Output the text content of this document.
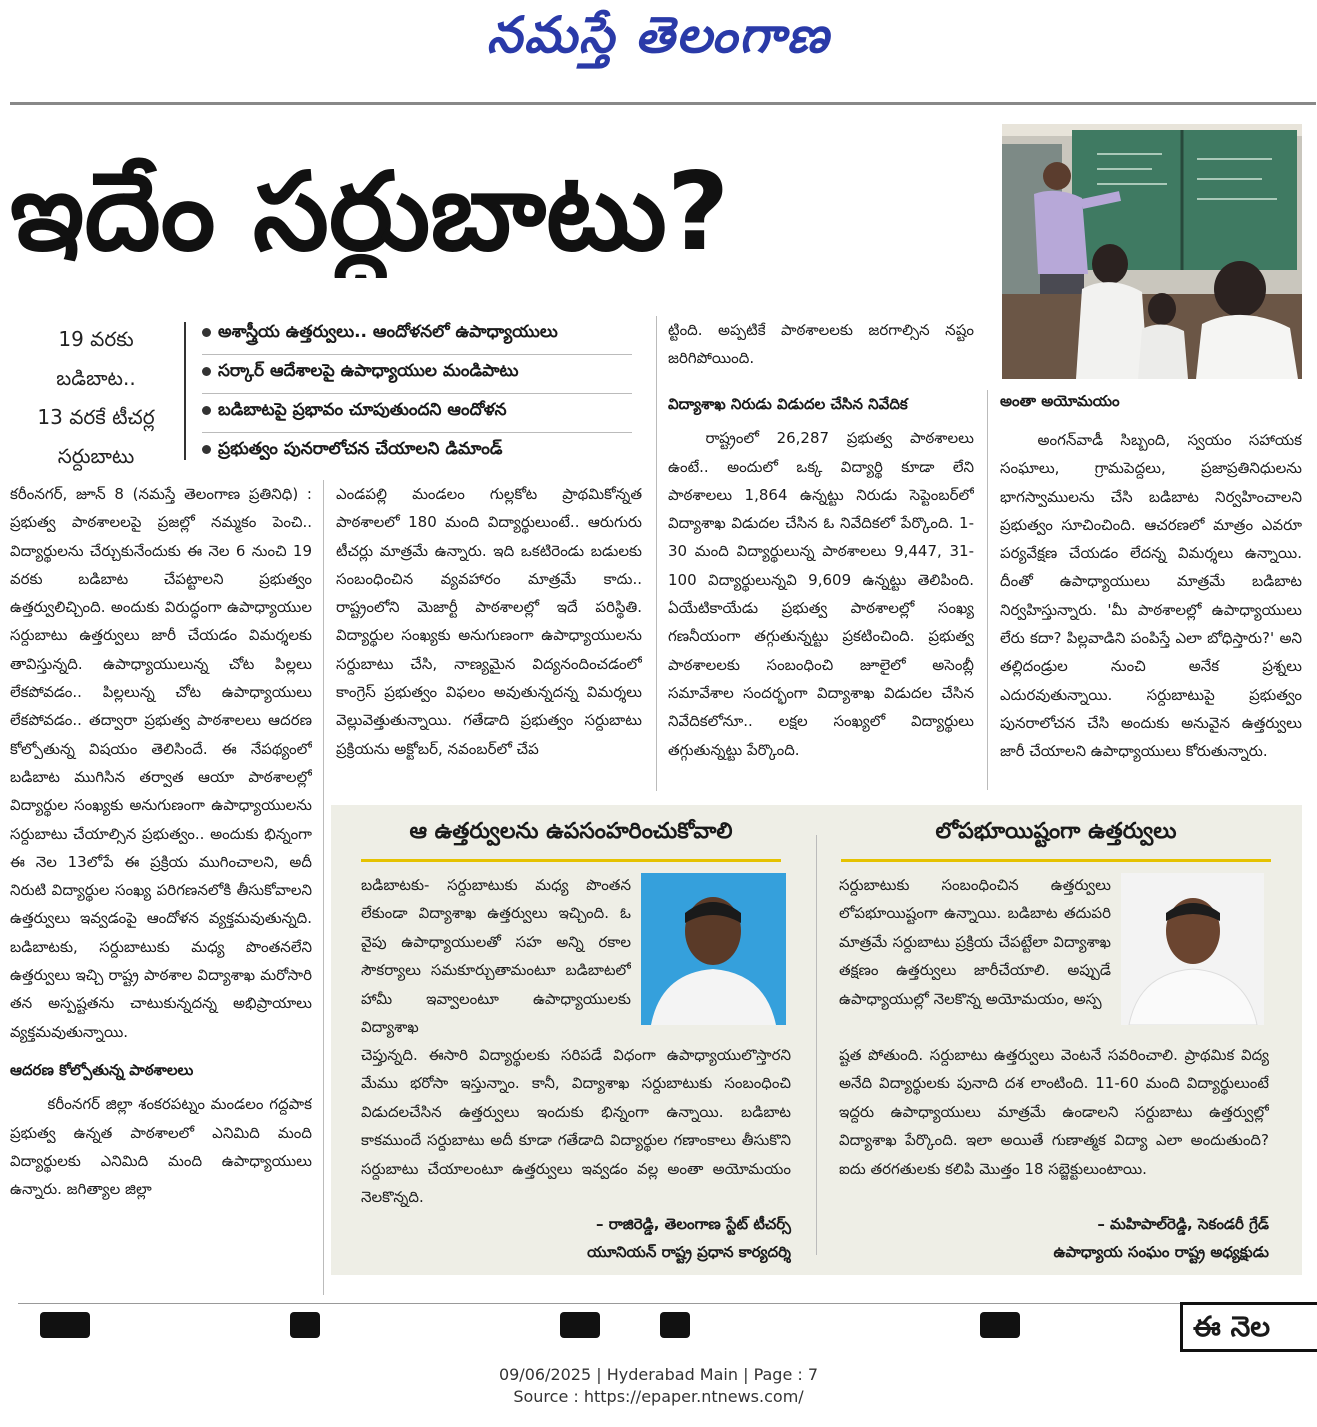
నమస్తే తెలంగాణ
ఇదేం సర్దుబాటు?
అంతా అయోమయం
19 వరకు
బడిబాట..
13 వరకే టీచర్ల
సర్దుబాటు
అశాస్త్రీయ ఉత్తర్వులు.. ఆందోళనలో ఉపాధ్యాయులు
సర్కార్ ఆదేశాలపై ఉపాధ్యాయుల మండిపాటు
బడిబాటపై ప్రభావం చూపుతుందని ఆందోళన
ప్రభుత్వం పునరాలోచన చేయాలని డిమాండ్

కరీంనగర్, జూన్ 8 (నమస్తే తెలంగాణ ప్రతినిధి) : ప్రభుత్వ పాఠశాలలపై ప్రజల్లో నమ్మకం పెంచి.. విద్యార్థులను చేర్చుకునేందుకు ఈ నెల 6 నుంచి 19 వరకు బడిబాట చేపట్టాలని ప్రభుత్వం ఉత్తర్వులిచ్చింది. అందుకు విరుద్ధంగా ఉపాధ్యాయుల సర్దుబాటు ఉత్తర్వులు జారీ చేయడం విమర్శలకు తావిస్తున్నది. ఉపాధ్యాయులున్న చోట పిల్లలు లేకపోవడం.. పిల్లలున్న చోట ఉపాధ్యాయులు లేకపోవడం.. తద్వారా ప్రభుత్వ పాఠశాలలు ఆదరణ కోల్పోతున్న విషయం తెలిసిందే. ఈ నేపథ్యంలో బడిబాట ముగిసిన తర్వాత ఆయా పాఠశాలల్లో విద్యార్థుల సంఖ్యకు అనుగుణంగా ఉపాధ్యాయులను సర్దుబాటు చేయాల్సిన ప్రభుత్వం.. అందుకు భిన్నంగా ఈ నెల 13లోపే ఈ ప్రక్రియ ముగించాలని, అదీ నిరుటి విద్యార్థుల సంఖ్య పరిగణనలోకి తీసుకోవాలని ఉత్తర్వులు ఇవ్వడంపై ఆందోళన వ్యక్తమవుతున్నది. బడిబాటకు, సర్దుబాటుకు మధ్య పొంతనలేని ఉత్తర్వులు ఇచ్చి రాష్ట్ర పాఠశాల విద్యాశాఖ మరోసారి తన అస్పష్టతను చాటుకున్నదన్న అభిప్రాయాలు వ్యక్తమవుతున్నాయి.

ఆదరణ కోల్పోతున్న పాఠశాలలు

కరీంనగర్ జిల్లా శంకరపట్నం మండలం గద్దపాక ప్రభుత్వ ఉన్నత పాఠశాలలో ఎనిమిది మంది విద్యార్థులకు ఎనిమిది మంది ఉపాధ్యాయులు ఉన్నారు. జగిత్యాల జిల్లా

ఎండపల్లి మండలం గుల్లకోట ప్రాథమికోన్నత పాఠశాలలో 180 మంది విద్యార్థులుంటే.. ఆరుగురు టీచర్లు మాత్రమే ఉన్నారు. ఇది ఒకటిరెండు బడులకు సంబంధించిన వ్యవహారం మాత్రమే కాదు.. రాష్ట్రంలోని మెజార్టీ పాఠశాలల్లో ఇదే పరిస్థితి. విద్యార్థుల సంఖ్యకు అనుగుణంగా ఉపాధ్యాయులను సర్దుబాటు చేసి, నాణ్యమైన విద్యనందించడంలో కాంగ్రెస్ ప్రభుత్వం విఫలం అవుతున్నదన్న విమర్శలు వెల్లువెత్తుతున్నాయి. గతేడాది ప్రభుత్వం సర్దుబాటు ప్రక్రియను అక్టోబర్, నవంబర్‌లో చేప

ట్టింది. అప్పటికే పాఠశాలలకు జరగాల్సిన నష్టం జరిగిపోయింది.

విద్యాశాఖ నిరుడు విడుదల చేసిన నివేదిక

రాష్ట్రంలో 26,287 ప్రభుత్వ పాఠశాలలు ఉంటే.. అందులో ఒక్క విద్యార్థి కూడా లేని పాఠశాలలు 1,864 ఉన్నట్టు నిరుడు సెప్టెంబర్‌లో విద్యాశాఖ విడుదల చేసిన ఓ నివేదికలో పేర్కొంది. 1-30 మంది విద్యార్థులున్న పాఠశాలలు 9,447, 31-100 విద్యార్థులున్నవి 9,609 ఉన్నట్టు తెలిపింది. ఏయేటికాయేడు ప్రభుత్వ పాఠశాలల్లో సంఖ్య గణనీయంగా తగ్గుతున్నట్టు ప్రకటించింది. ప్రభుత్వ పాఠశాలలకు సంబంధించి జూలైలో అసెంబ్లీ సమావేశాల సందర్భంగా విద్యాశాఖ విడుదల చేసిన నివేదికలోనూ.. లక్షల సంఖ్యలో విద్యార్థులు తగ్గుతున్నట్టు పేర్కొంది.

అంగన్‌వాడీ సిబ్బంది, స్వయం సహాయక సంఘాలు, గ్రామపెద్దలు, ప్రజాప్రతినిధులను భాగస్వాములను చేసి బడిబాట నిర్వహించాలని ప్రభుత్వం సూచించింది. ఆచరణలో మాత్రం ఎవరూ పర్యవేక్షణ చేయడం లేదన్న విమర్శలు ఉన్నాయి. దీంతో ఉపాధ్యాయులు మాత్రమే బడిబాట నిర్వహిస్తున్నారు. 'మీ పాఠశాలల్లో ఉపాధ్యాయులు లేరు కదా? పిల్లవాడిని పంపిస్తే ఎలా బోధిస్తారు?' అని తల్లిదండ్రుల నుంచి అనేక ప్రశ్నలు ఎదురవుతున్నాయి. సర్దుబాటుపై ప్రభుత్వం పునరాలోచన చేసి అందుకు అనువైన ఉత్తర్వులు జారీ చేయాలని ఉపాధ్యాయులు కోరుతున్నారు.

ఆ ఉత్తర్వులను ఉపసంహరించుకోవాలి
బడిబాటకు- సర్దుబాటుకు మధ్య పొంతన లేకుండా విద్యాశాఖ ఉత్తర్వులు ఇచ్చింది. ఓ వైపు ఉపాధ్యాయులతో సహ అన్ని రకాల సౌకర్యాలు సమకూర్చుతామంటూ బడిబాటలో హామీ ఇవ్వాలంటూ ఉపాధ్యాయులకు విద్యాశాఖ
చెప్తున్నది. ఈసారి విద్యార్థులకు సరిపడే విధంగా ఉపాధ్యాయులొస్తారని మేము భరోసా ఇస్తున్నాం. కానీ, విద్యాశాఖ సర్దుబాటుకు సంబంధించి విడుదలచేసిన ఉత్తర్వులు ఇందుకు భిన్నంగా ఉన్నాయి. బడిబాట కాకముందే సర్దుబాటు అదీ కూడా గతేడాది విద్యార్థుల గణాంకాలు తీసుకొని సర్దుబాటు చేయాలంటూ ఉత్తర్వులు ఇవ్వడం వల్ల అంతా అయోమయం నెలకొన్నది.
– రాజిరెడ్డి, తెలంగాణ స్టేట్ టీచర్స్
యూనియన్ రాష్ట్ర ప్రధాన కార్యదర్శి
లోపభూయిష్టంగా ఉత్తర్వులు
సర్దుబాటుకు సంబంధించిన ఉత్తర్వులు లోపభూయిష్టంగా ఉన్నాయి. బడిబాట తదుపరి మాత్రమే సర్దుబాటు ప్రక్రియ చేపట్టేలా విద్యాశాఖ తక్షణం ఉత్తర్వులు జారీచేయాలి. అప్పుడే ఉపాధ్యాయుల్లో నెలకొన్న అయోమయం, అస్ప
ష్టత పోతుంది. సర్దుబాటు ఉత్తర్వులు వెంటనే సవరించాలి. ప్రాథమిక విద్య అనేది విద్యార్థులకు పునాది దశ లాంటింది. 11-60 మంది విద్యార్థులుంటే ఇద్దరు ఉపాధ్యాయులు మాత్రమే ఉండాలని సర్దుబాటు ఉత్తర్వుల్లో విద్యాశాఖ పేర్కొంది. ఇలా అయితే గుణాత్మక విద్యా ఎలా అందుతుంది? ఐదు తరగతులకు కలిపి మొత్తం 18 సబ్జెక్టులుంటాయి.
– మహిపాల్‌రెడ్డి, సెకండరీ గ్రేడ్
ఉపాధ్యాయ సంఘం రాష్ట్ర అధ్యక్షుడు
ఈ నెల
09/06/2025 | Hyderabad Main | Page : 7
Source : https://epaper.ntnews.com/
